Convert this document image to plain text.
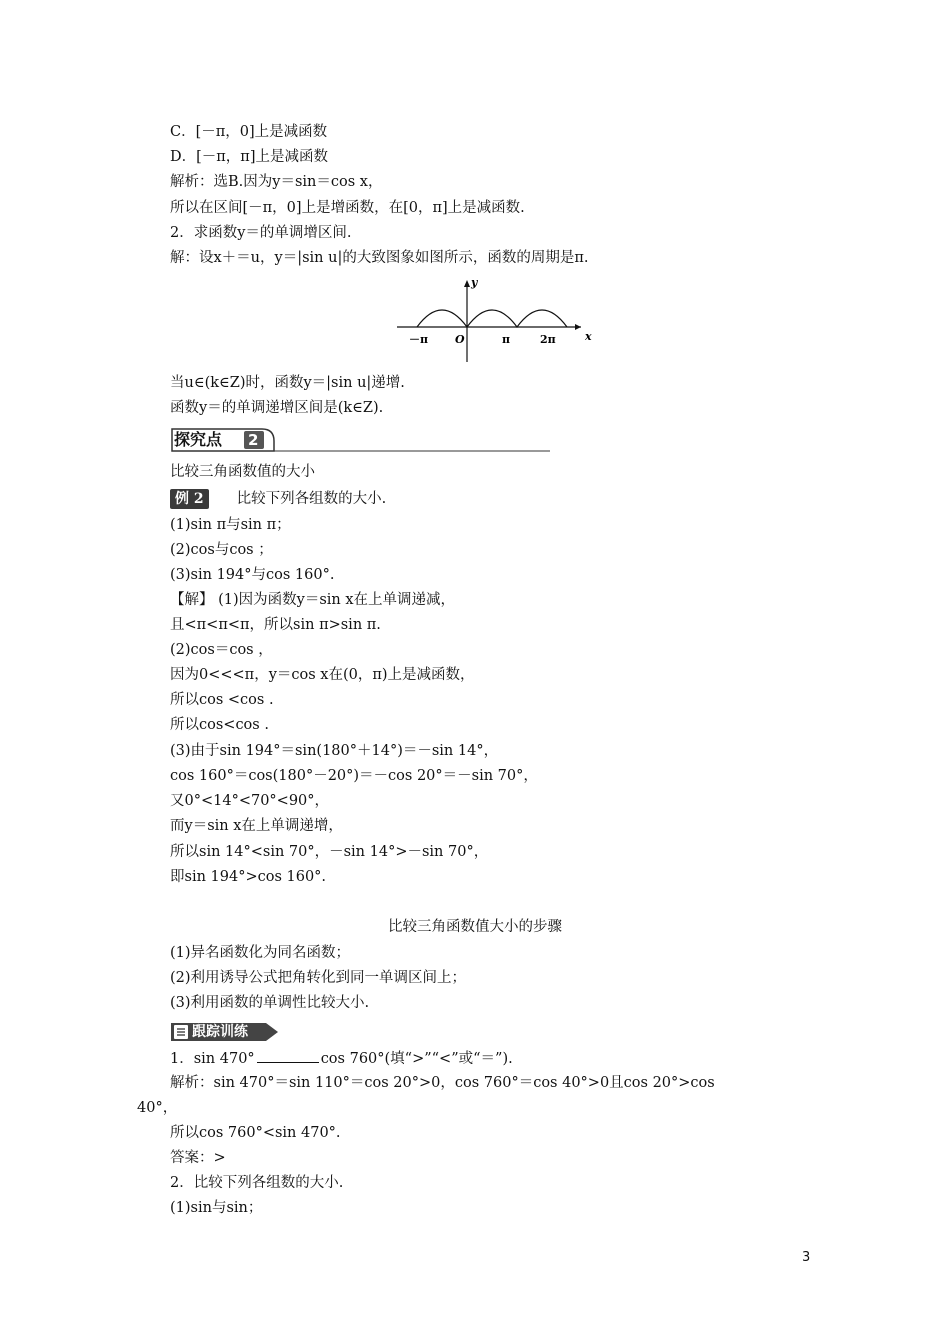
C．[－π，0]上是减函数
D．[－π，π]上是减函数
解析：选B.因为y＝sin＝cos x，
所以在区间[－π，0]上是增函数，在[0，π]上是减函数.
2．求函数y＝的单调增区间.
解：设x＋＝u，y＝|sin u|的大致图象如图所示，函数的周期是π.
x
y
－π O	π	2π
当u∈(k∈Z)时，函数y＝|sin u|递增.
函数y＝的单调递增区间是(k∈Z).
探究点 2
比较三角函数值的大小
例 2 比较下列各组数的大小.
(1)sin π与sin π；
(2)cos与cos ；
(3)sin 194°与cos 160°.
【解】 (1)因为函数y＝sin x在上单调递减，
且<π<π<π，所以sin π>sin π.
(2)cos＝cos ，
因为0<<<π，y＝cos x在(0，π)上是减函数，
所以cos <cos .
所以cos<cos .
(3)由于sin 194°＝sin(180°＋14°)＝－sin 14°，
cos 160°＝cos(180°－20°)＝－cos 20°＝－sin 70°，
又0°<14°<70°<90°，
而y＝sin x在上单调递增，
所以sin 14°<sin 70°，－sin 14°>－sin 70°，
即sin 194°>cos 160°.
比较三角函数值大小的步骤
(1)异名函数化为同名函数；
(2)利用诱导公式把角转化到同一单调区间上；
(3)利用函数的单调性比较大小.
跟踪训练
1．sin 470°	cos 760°(填“>”“<”或“＝”).
解析：sin 470°＝sin 110°＝cos 20°>0，cos 760°＝cos 40°>0且cos 20°>cos
40°，
所以cos 760°<sin 470°.
答案：>
2．比较下列各组数的大小.
(1)sin与sin；
3
